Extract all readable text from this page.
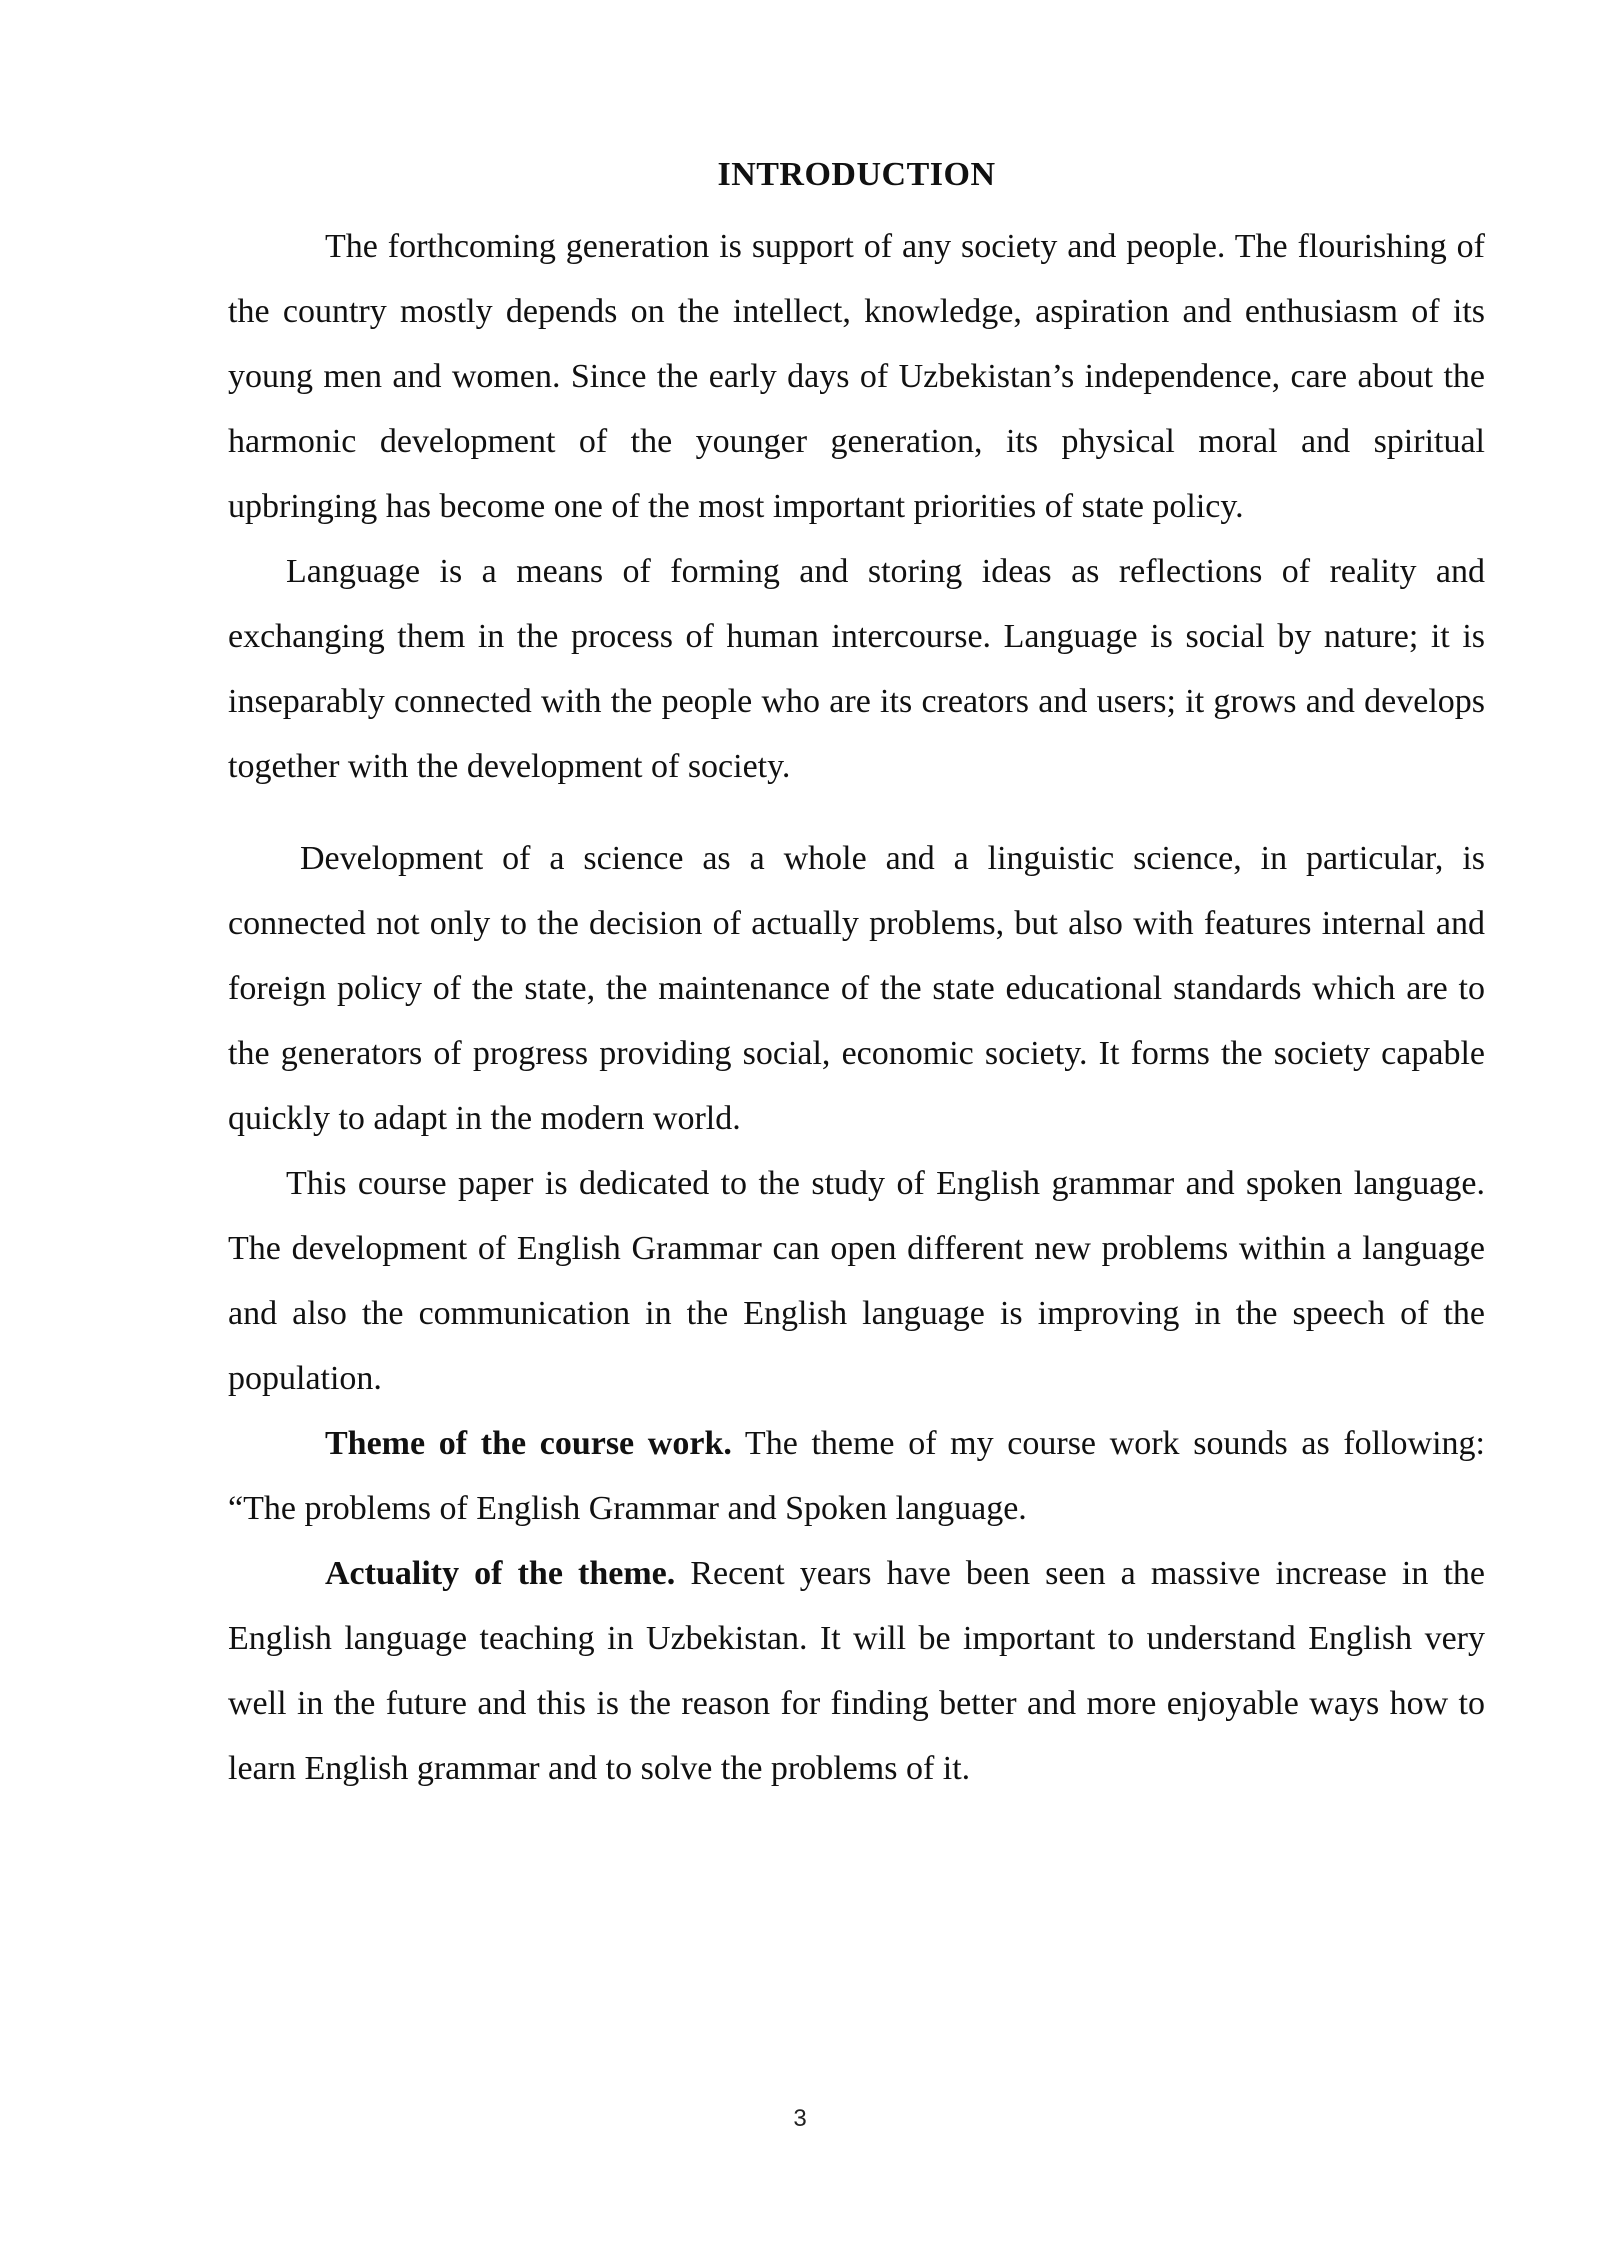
INTRODUCTION

The forthcoming generation is support of any society and people. The flourishing of the country mostly depends on the intellect, knowledge, aspiration and enthusiasm of its young men and women. Since the early days of Uzbekistan’s independence, care about the harmonic development of the younger generation, its physical moral and spiritual upbringing has become one of the most important priorities of state policy.

Language is a means of forming and storing ideas as reflections of reality and exchanging them in the process of human intercourse. Language is social by nature; it is inseparably connected with the people who are its creators and users; it grows and develops together with the development of society.

Development of a science as a whole and a linguistic science, in particular, is connected not only to the decision of actually problems, but also with features internal and foreign policy of the state, the maintenance of the state educational standards which are to the generators of progress providing social, economic society. It forms the society capable quickly to adapt in the modern world.

This course paper is dedicated to the study of English grammar and spoken language. The development of English Grammar can open different new problems within a language and also the communication in the English language is improving in the speech of the population.

Theme of the course work. The theme of my course work sounds as following: “The problems of English Grammar and Spoken language.

Actuality of the theme. Recent years have been seen a massive increase in the English language teaching in Uzbekistan. It will be important to understand English very well in the future and this is the reason for finding better and more enjoyable ways how to learn English grammar and to solve the problems of it.

3
